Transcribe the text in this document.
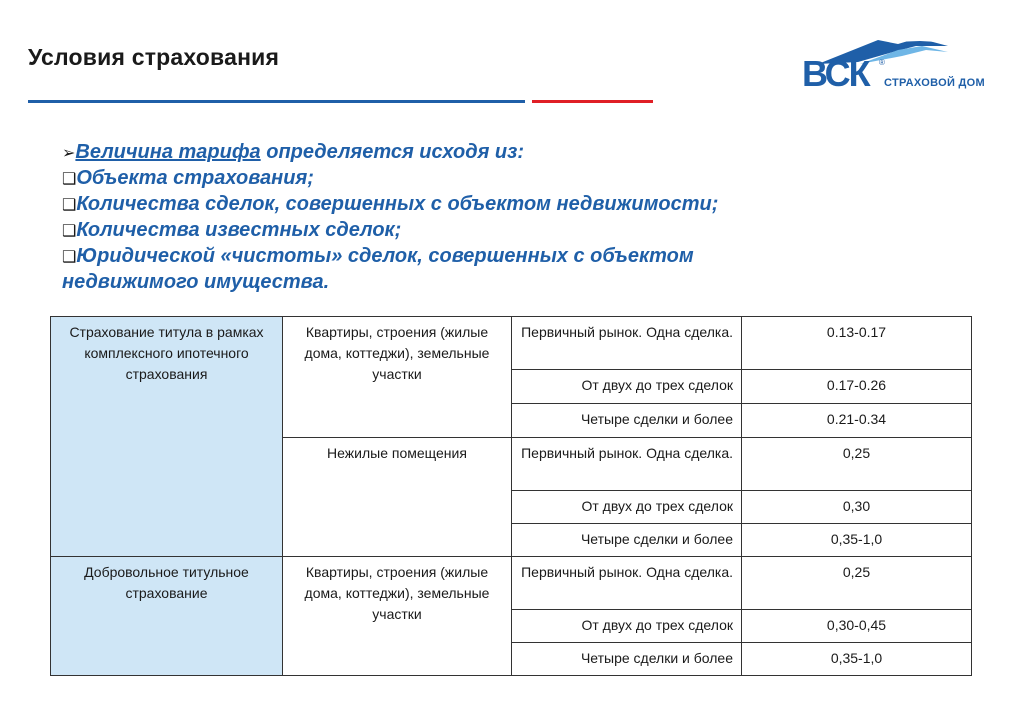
Условия страхования	ВСК ®
СТРАХОВОЙ ДОМ
➢Величина тарифа определяется исходя из:
❑Объекта страхования;
❑Количества сделок, совершенных с объектом недвижимости;
❑Количества известных сделок;
❑Юридической «чистоты» сделок, совершенных с объектом
недвижимого имущества.
Страхование титула в рамках комплексного ипотечного страхования	Квартиры, строения (жилые дома, коттеджи), земельные участки	Первичный рынок. Одна сделка.	0.13-0.17
		От двух до трех сделок	0.17-0.26
		Четыре сделки и более	0.21-0.34
	Нежилые помещения	Первичный рынок. Одна сделка.	0,25
		От двух до трех сделок	0,30
		Четыре сделки и более	0,35-1,0
Добровольное титульное страхование	Квартиры, строения (жилые дома, коттеджи), земельные участки	Первичный рынок. Одна сделка.	0,25
		От двух до трех сделок	0,30-0,45
		Четыре сделки и более	0,35-1,0
